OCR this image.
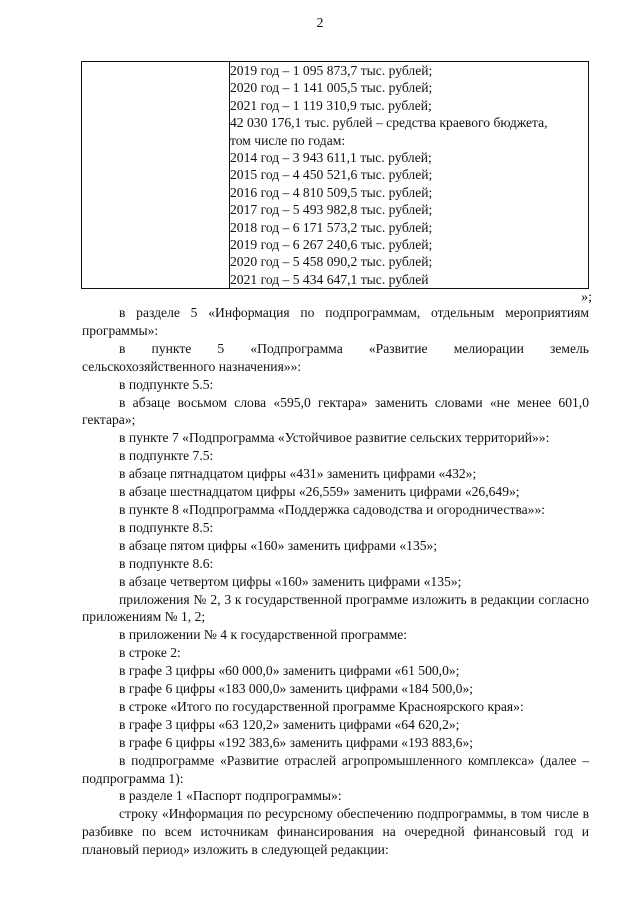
2

2019 год – 1 095 873,7 тыс. рублей;
2020 год – 1 141 005,5 тыс. рублей;
2021 год – 1 119 310,9 тыс. рублей;
42 030 176,1 тыс. рублей – средства краевого бюджета,
том числе по годам:
2014 год – 3 943 611,1 тыс. рублей;
2015 год – 4 450 521,6 тыс. рублей;
2016 год – 4 810 509,5 тыс. рублей;
2017 год – 5 493 982,8 тыс. рублей;
2018 год – 6 171 573,2 тыс. рублей;
2019 год – 6 267 240,6 тыс. рублей;
2020 год – 5 458 090,2 тыс. рублей;
2021 год – 5 434 647,1 тыс. рублей
»;

в разделе 5 «Информация по подпрограммам, отдельным мероприятиям программы»:

в пункте 5 «Подпрограмма «Развитие мелиорации земель сельскохозяйственного назначения»»:

в подпункте 5.5:

в абзаце восьмом слова «595,0 гектара» заменить словами «не менее 601,0 гектара»;

в пункте 7 «Подпрограмма «Устойчивое развитие сельских территорий»»:

в подпункте 7.5:

в абзаце пятнадцатом цифры «431» заменить цифрами «432»;

в абзаце шестнадцатом цифры «26,559» заменить цифрами «26,649»;

в пункте 8 «Подпрограмма «Поддержка садоводства и огородничества»»:

в подпункте 8.5:

в абзаце пятом цифры «160» заменить цифрами «135»;

в подпункте 8.6:

в абзаце четвертом цифры «160» заменить цифрами «135»;

приложения № 2, 3 к государственной программе изложить в редакции согласно приложениям № 1, 2;

в приложении № 4 к государственной программе:

в строке 2:

в графе 3 цифры «60 000,0» заменить цифрами «61 500,0»;

в графе 6 цифры «183 000,0» заменить цифрами «184 500,0»;

в строке «Итого по государственной программе Красноярского края»:

в графе 3 цифры «63 120,2» заменить цифрами «64 620,2»;

в графе 6 цифры «192 383,6» заменить цифрами «193 883,6»;

в подпрограмме «Развитие отраслей агропромышленного комплекса» (далее – подпрограмма 1):

в разделе 1 «Паспорт подпрограммы»:

строку «Информация по ресурсному обеспечению подпрограммы, в том числе в разбивке по всем источникам финансирования на очередной финансовый год и плановый период» изложить в следующей редакции:
